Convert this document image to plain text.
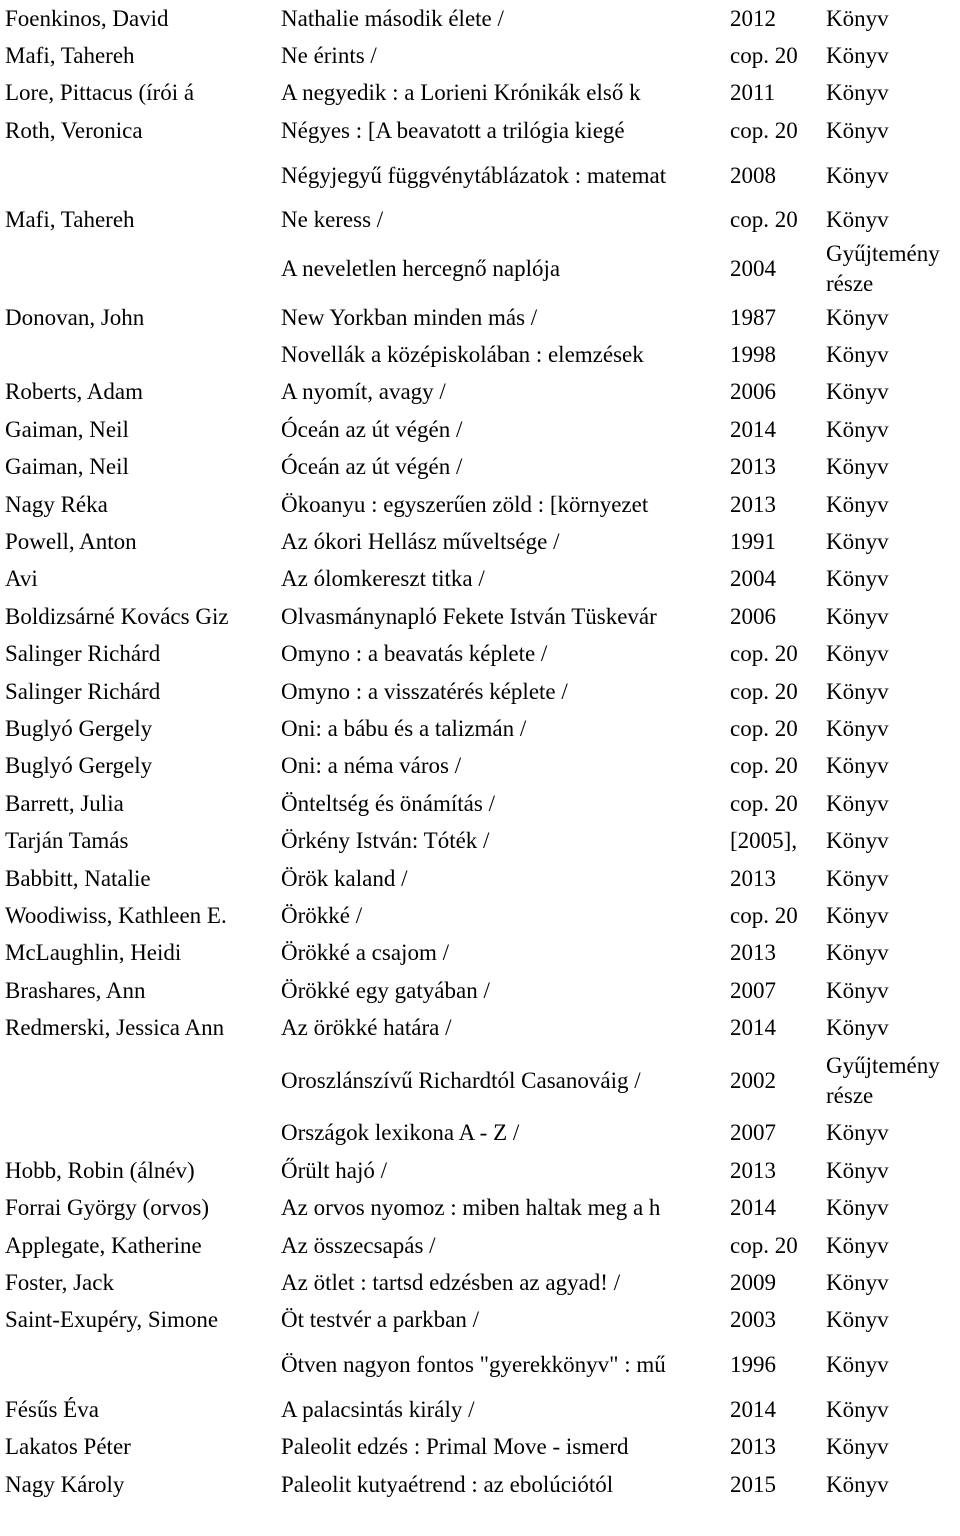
Foenkinos, David	Nathalie második élete /	2012	Könyv
Mafi, Tahereh	Ne érints /	cop. 20	Könyv
Lore, Pittacus (írói á	A negyedik : a Lorieni Krónikák első k	2011	Könyv
Roth, Veronica	Négyes : [A beavatott a trilógia kiegé	cop. 20	Könyv
	Négyjegyű függvénytáblázatok : matemat	2008	Könyv
Mafi, Tahereh	Ne keress /	cop. 20	Könyv
	A neveletlen hercegnő naplója	2004	Gyűjtemény része
Donovan, John	New Yorkban minden más /	1987	Könyv
	Novellák a középiskolában : elemzések	1998	Könyv
Roberts, Adam	A nyomít, avagy /	2006	Könyv
Gaiman, Neil	Óceán az út végén /	2014	Könyv
Gaiman, Neil	Óceán az út végén /	2013	Könyv
Nagy Réka	Ökoanyu : egyszerűen zöld : [környezet	2013	Könyv
Powell, Anton	Az ókori Hellász műveltsége /	1991	Könyv
Avi	Az ólomkereszt titka /	2004	Könyv
Boldizsárné Kovács Giz	Olvasmánynapló Fekete István Tüskevár	2006	Könyv
Salinger Richárd	Omyno : a beavatás képlete /	cop. 20	Könyv
Salinger Richárd	Omyno : a visszatérés képlete /	cop. 20	Könyv
Buglyó Gergely	Oni: a bábu és a talizmán /	cop. 20	Könyv
Buglyó Gergely	Oni: a néma város /	cop. 20	Könyv
Barrett, Julia	Önteltség és önámítás /	cop. 20	Könyv
Tarján Tamás	Örkény István: Tóték /	[2005],	Könyv
Babbitt, Natalie	Örök kaland /	2013	Könyv
Woodiwiss, Kathleen E.	Örökké /	cop. 20	Könyv
McLaughlin, Heidi	Örökké a csajom /	2013	Könyv
Brashares, Ann	Örökké egy gatyában /	2007	Könyv
Redmerski, Jessica Ann	Az örökké határa /	2014	Könyv
	Oroszlánszívű Richardtól Casanováig /	2002	Gyűjtemény része
	Országok lexikona A - Z /	2007	Könyv
Hobb, Robin (álnév)	Őrült hajó /	2013	Könyv
Forrai György (orvos)	Az orvos nyomoz : miben haltak meg a h	2014	Könyv
Applegate, Katherine	Az összecsapás /	cop. 20	Könyv
Foster, Jack	Az ötlet : tartsd edzésben az agyad! /	2009	Könyv
Saint-Exupéry, Simone	Öt testvér a parkban /	2003	Könyv
	Ötven nagyon fontos "gyerekkönyv" : mű	1996	Könyv
Fésűs Éva	A palacsintás király /	2014	Könyv
Lakatos Péter	Paleolit edzés : Primal Move - ismerd	2013	Könyv
Nagy Károly	Paleolit kutyaétrend : az ebolúciótól	2015	Könyv
